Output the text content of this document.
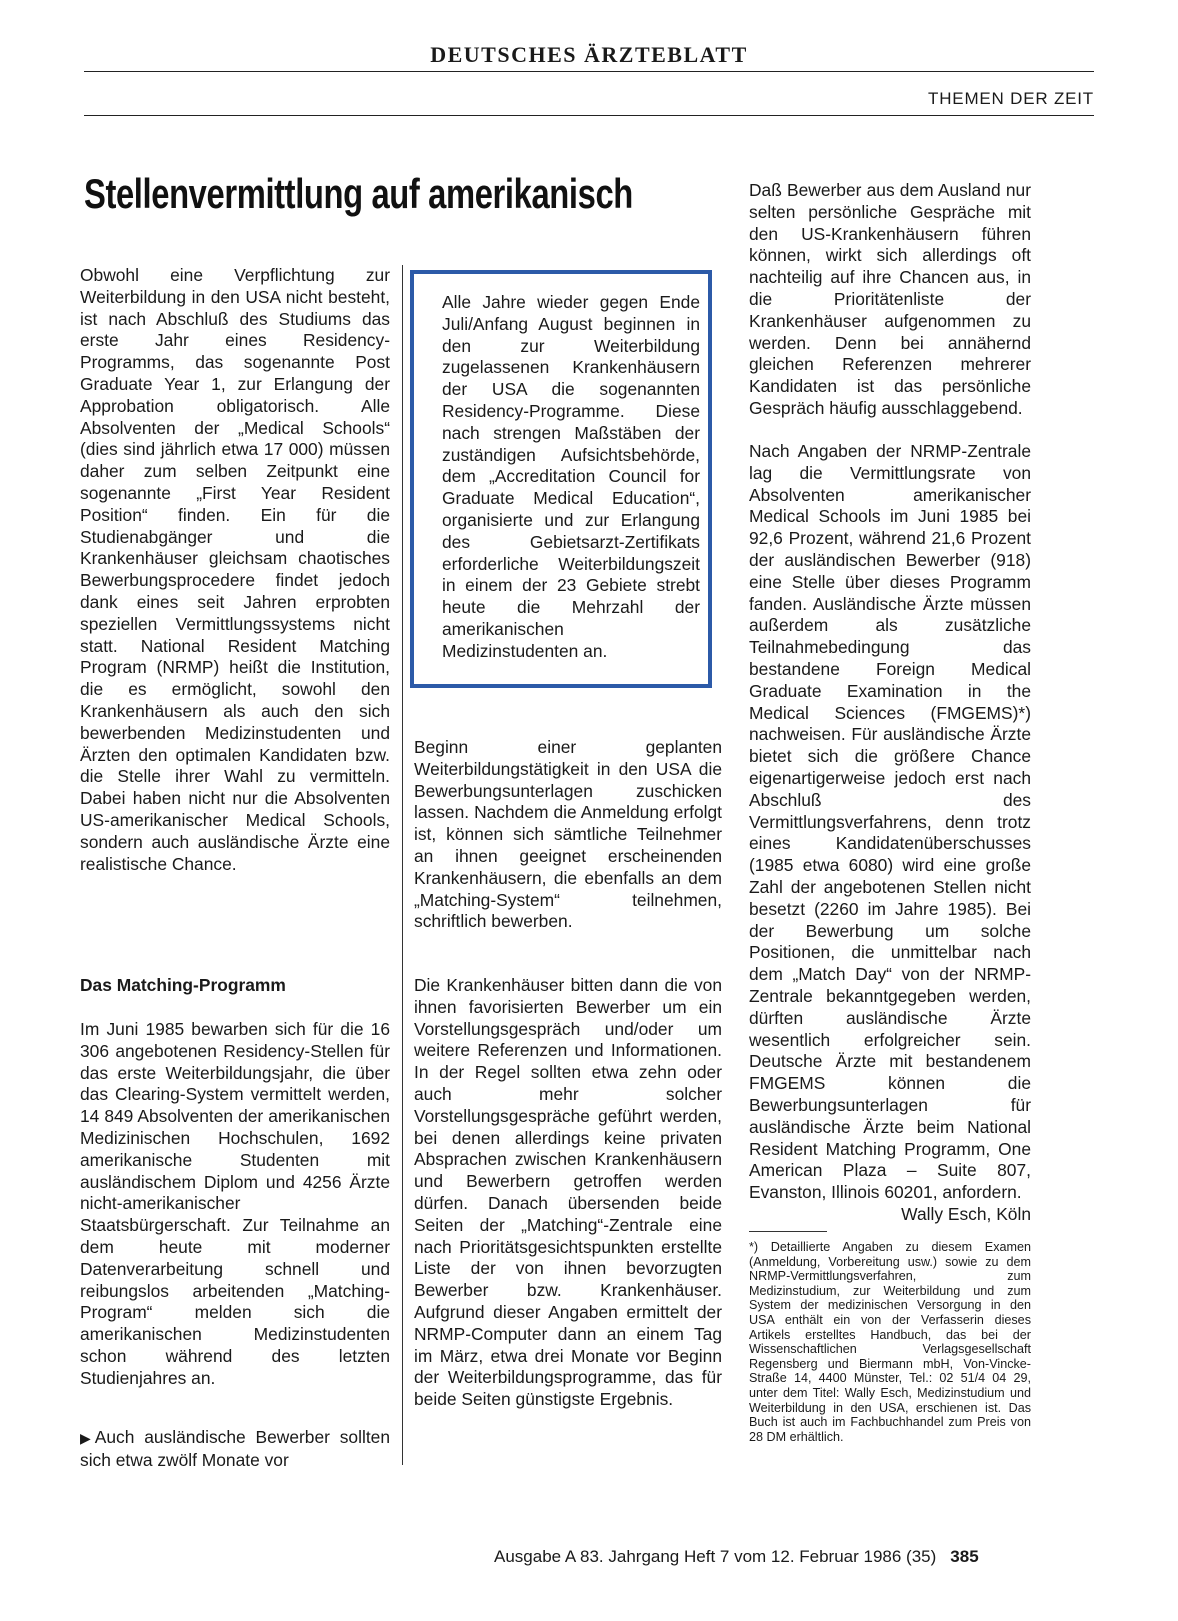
DEUTSCHES ÄRZTEBLATT
THEMEN DER ZEIT
Stellenvermittlung auf amerikanisch

Obwohl eine Verpflichtung zur Weiterbildung in den USA nicht besteht, ist nach Abschluß des Studiums das erste Jahr eines Residency-Programms, das sogenannte Post Graduate Year 1, zur Erlangung der Approbation obligatorisch. Alle Absolventen der „Medical Schools“ (dies sind jährlich etwa 17 000) müssen daher zum selben Zeitpunkt eine sogenannte „First Year Resident Position“ finden. Ein für die Studienabgänger und die Krankenhäuser gleichsam chaotisches Bewerbungsprocedere findet jedoch dank eines seit Jahren erprobten speziellen Vermittlungssystems nicht statt. National Resident Matching Program (NRMP) heißt die Institution, die es ermöglicht, sowohl den Krankenhäusern als auch den sich bewerbenden Medizinstudenten und Ärzten den optimalen Kandidaten bzw. die Stelle ihrer Wahl zu vermitteln. Dabei haben nicht nur die Absolventen US-amerikanischer Medical Schools, sondern auch ausländische Ärzte eine realistische Chance.

Das Matching-Programm

Im Juni 1985 bewarben sich für die 16 306 angebotenen Residency-Stellen für das erste Weiterbildungsjahr, die über das Clearing-System vermittelt werden, 14 849 Absolventen der amerikanischen Medizinischen Hochschulen, 1692 amerikanische Studenten mit ausländischem Diplom und 4256 Ärzte nicht-amerikanischer Staatsbürgerschaft. Zur Teilnahme an dem heute mit moderner Datenverarbeitung schnell und reibungslos arbeitenden „Matching-Program“ melden sich die amerikanischen Medizinstudenten schon während des letzten Studienjahres an.

▶ Auch ausländische Bewerber sollten sich etwa zwölf Monate vor

Alle Jahre wieder gegen Ende Juli/Anfang August beginnen in den zur Weiterbildung zugelassenen Krankenhäusern der USA die sogenannten Residency-Programme. Diese nach strengen Maßstäben der zuständigen Aufsichtsbehörde, dem „Accreditation Council for Graduate Medical Education“, organisierte und zur Erlangung des Gebietsarzt-Zertifikats erforderliche Weiterbildungszeit in einem der 23 Gebiete strebt heute die Mehrzahl der amerikanischen Medizinstudenten an.

Beginn einer geplanten Weiterbildungstätigkeit in den USA die Bewerbungsunterlagen zuschicken lassen. Nachdem die Anmeldung erfolgt ist, können sich sämtliche Teilnehmer an ihnen geeignet erscheinenden Krankenhäusern, die ebenfalls an dem „Matching-System“ teilnehmen, schriftlich bewerben.

Die Krankenhäuser bitten dann die von ihnen favorisierten Bewerber um ein Vorstellungsgespräch und/oder um weitere Referenzen und Informationen. In der Regel sollten etwa zehn oder auch mehr solcher Vorstellungsgespräche geführt werden, bei denen allerdings keine privaten Absprachen zwischen Krankenhäusern und Bewerbern getroffen werden dürfen. Danach übersenden beide Seiten der „Matching“-Zentrale eine nach Prioritätsgesichtspunkten erstellte Liste der von ihnen bevorzugten Bewerber bzw. Krankenhäuser. Aufgrund dieser Angaben ermittelt der NRMP-Computer dann an einem Tag im März, etwa drei Monate vor Beginn der Weiterbildungsprogramme, das für beide Seiten günstigste Ergebnis.

Daß Bewerber aus dem Ausland nur selten persönliche Gespräche mit den US-Krankenhäusern führen können, wirkt sich allerdings oft nachteilig auf ihre Chancen aus, in die Prioritätenliste der Krankenhäuser aufgenommen zu werden. Denn bei annähernd gleichen Referenzen mehrerer Kandidaten ist das persönliche Gespräch häufig ausschlaggebend.

Nach Angaben der NRMP-Zentrale lag die Vermittlungsrate von Absolventen amerikanischer Medical Schools im Juni 1985 bei 92,6 Prozent, während 21,6 Prozent der ausländischen Bewerber (918) eine Stelle über dieses Programm fanden. Ausländische Ärzte müssen außerdem als zusätzliche Teilnahmebedingung das bestandene Foreign Medical Graduate Examination in the Medical Sciences (FMGEMS)*) nachweisen. Für ausländische Ärzte bietet sich die größere Chance eigenartigerweise jedoch erst nach Abschluß des Vermittlungsverfahrens, denn trotz eines Kandidatenüberschusses (1985 etwa 6080) wird eine große Zahl der angebotenen Stellen nicht besetzt (2260 im Jahre 1985). Bei der Bewerbung um solche Positionen, die unmittelbar nach dem „Match Day“ von der NRMP-Zentrale bekanntgegeben werden, dürften ausländische Ärzte wesentlich erfolgreicher sein. Deutsche Ärzte mit bestandenem FMGEMS können die Bewerbungsunterlagen für ausländische Ärzte beim National Resident Matching Programm, One American Plaza – Suite 807, Evanston, Illinois 60201, anfordern.
Wally Esch, Köln

*) Detaillierte Angaben zu diesem Examen (Anmeldung, Vorbereitung usw.) sowie zu dem NRMP-Vermittlungsverfahren, zum Medizinstudium, zur Weiterbildung und zum System der medizinischen Versorgung in den USA enthält ein von der Verfasserin dieses Artikels erstelltes Handbuch, das bei der Wissenschaftlichen Verlagsgesellschaft Regensberg und Biermann mbH, Von-Vincke-Straße 14, 4400 Münster, Tel.: 02 51/4 04 29, unter dem Titel: Wally Esch, Medizinstudium und Weiterbildung in den USA, erschienen ist. Das Buch ist auch im Fachbuchhandel zum Preis von 28 DM erhältlich.
Ausgabe A 83. Jahrgang Heft 7 vom 12. Februar 1986 (35) 385
